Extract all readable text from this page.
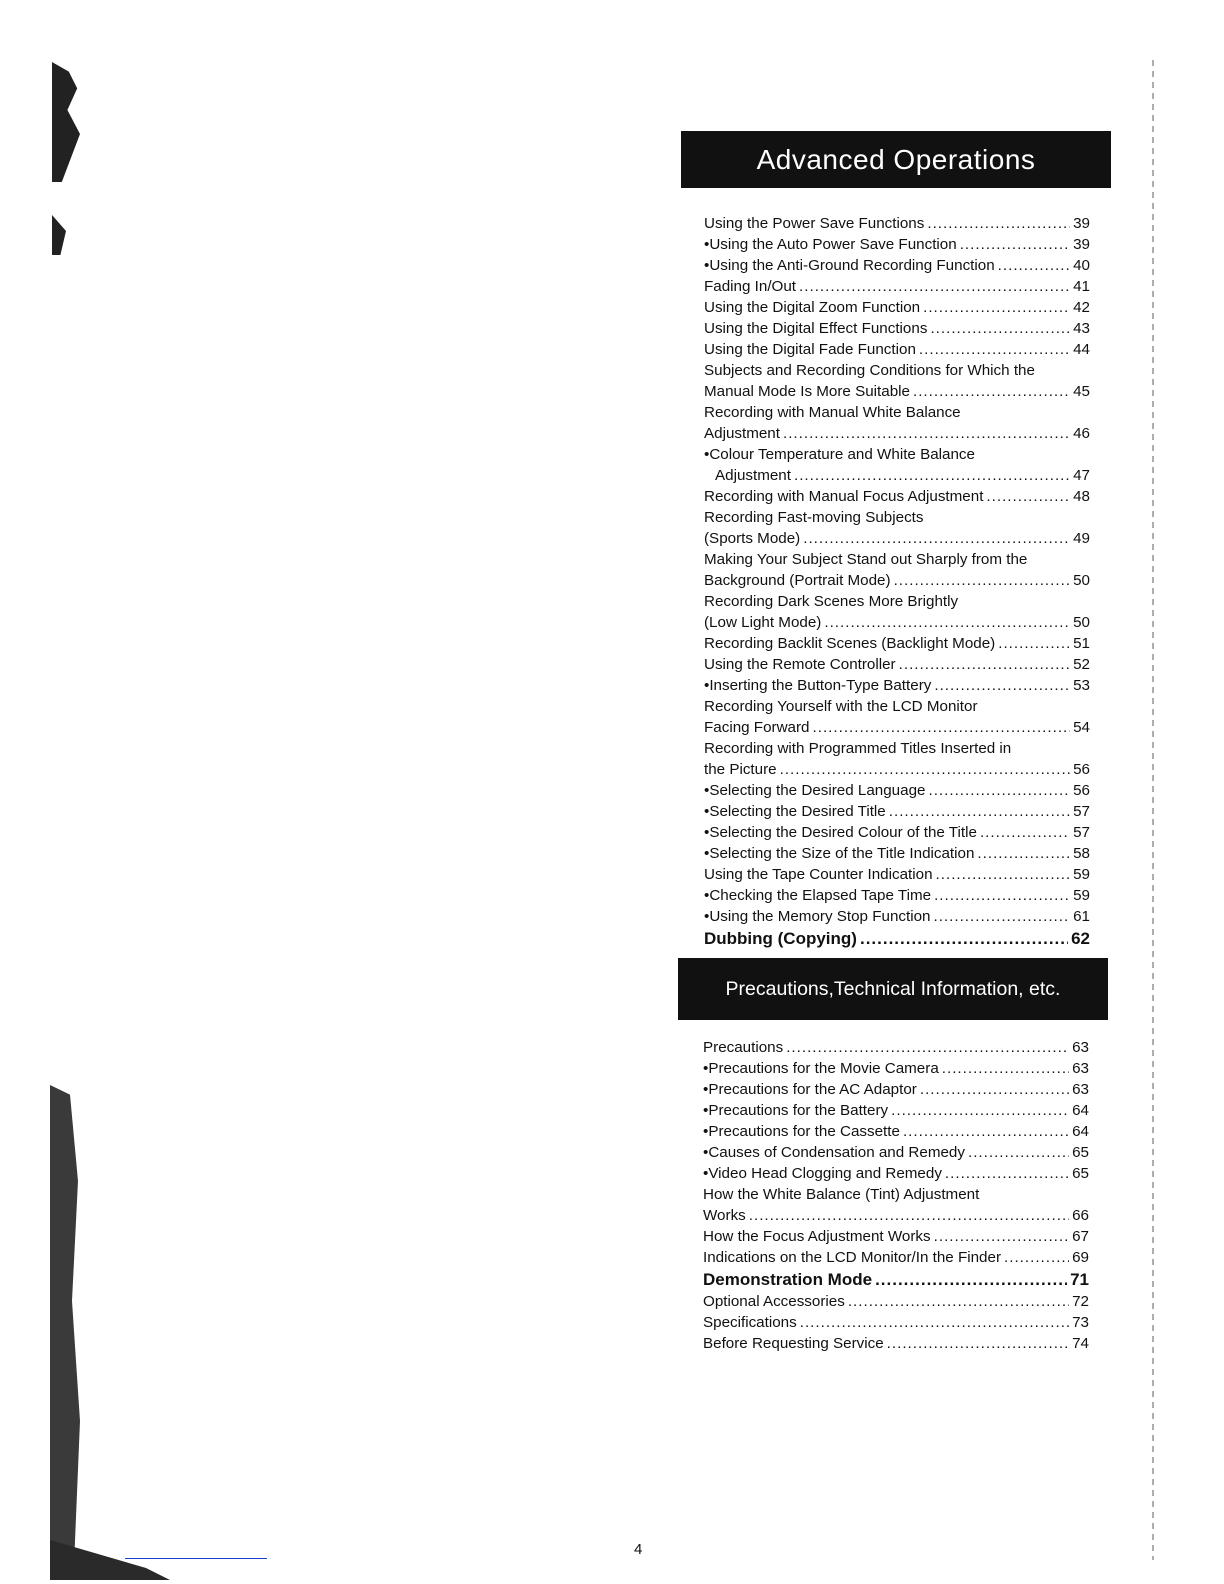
Advanced Operations
Using the Power Save Functions .....	39
•Using the Auto Power Save Function .....	39
•Using the Anti-Ground Recording Function .....	40
Fading In/Out .....	41
Using the Digital Zoom Function .....	42
Using the Digital Effect Functions .....	43
Using the Digital Fade Function .....	44
Subjects and Recording Conditions for Which the
Manual Mode Is More Suitable .....	45
Recording with Manual White Balance
Adjustment .....	46
•Colour Temperature and White Balance
Adjustment .....	47
Recording with Manual Focus Adjustment .....	48
Recording Fast-moving Subjects
(Sports Mode) .....	49
Making Your Subject Stand out Sharply from the
Background (Portrait Mode) .....	50
Recording Dark Scenes More Brightly
(Low Light Mode) .....	50
Recording Backlit Scenes (Backlight Mode) .....	51
Using the Remote Controller .....	52
•Inserting the Button-Type Battery .....	53
Recording Yourself with the LCD Monitor
Facing Forward .....	54
Recording with Programmed Titles Inserted in
the Picture .....	56
•Selecting the Desired Language .....	56
•Selecting the Desired Title .....	57
•Selecting the Desired Colour of the Title .....	57
•Selecting the Size of the Title Indication .....	58
Using the Tape Counter Indication .....	59
•Checking the Elapsed Tape Time .....	59
•Using the Memory Stop Function .....	61
Dubbing (Copying) .....	62
Precautions,Technical Information, etc.
Precautions .....	63
•Precautions for the Movie Camera .....	63
•Precautions for the AC Adaptor .....	63
•Precautions for the Battery .....	64
•Precautions for the Cassette .....	64
•Causes of Condensation and Remedy .....	65
•Video Head Clogging and Remedy .....	65
How the White Balance (Tint) Adjustment
Works .....	66
How the Focus Adjustment Works .....	67
Indications on the LCD Monitor/In the Finder .....	69
Demonstration Mode .....	71
Optional Accessories .....	72
Specifications .....	73
Before Requesting Service .....	74
4
